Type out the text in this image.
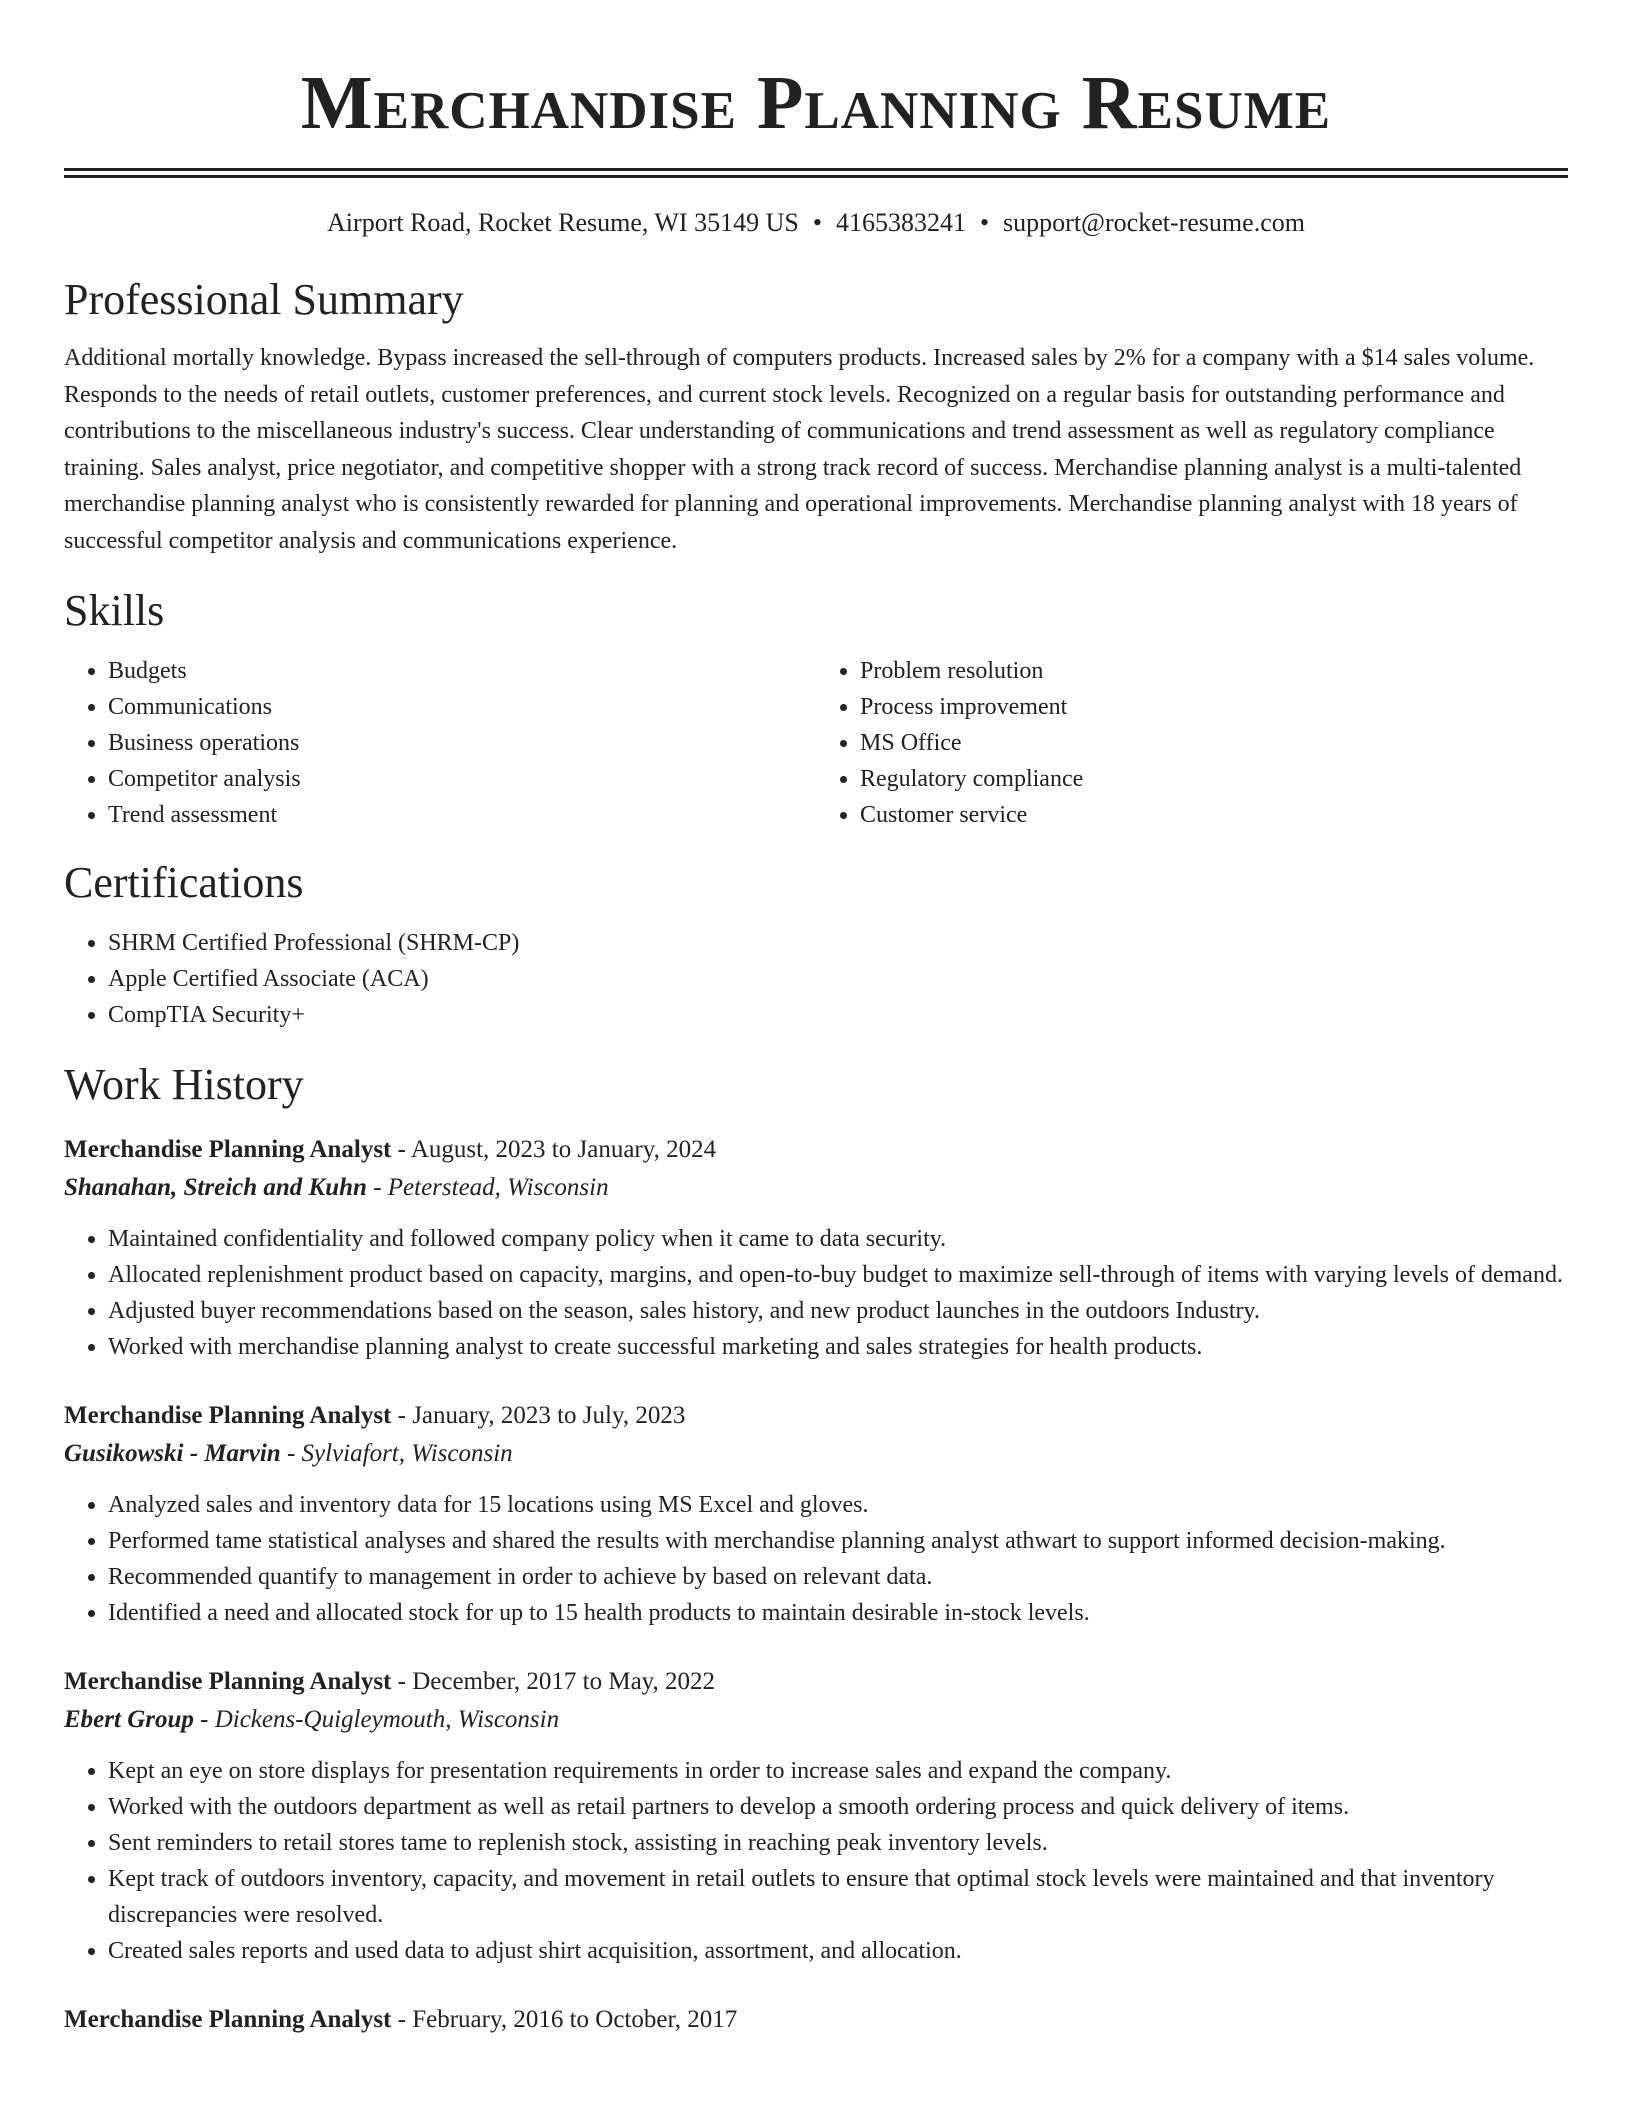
Merchandise Planning Resume
Airport Road, Rocket Resume, WI 35149 US • 4165383241 • support@rocket-resume.com
Professional Summary
Additional mortally knowledge. Bypass increased the sell-through of computers products. Increased sales by 2% for a company with a $14 sales volume. Responds to the needs of retail outlets, customer preferences, and current stock levels. Recognized on a regular basis for outstanding performance and contributions to the miscellaneous industry's success. Clear understanding of communications and trend assessment as well as regulatory compliance training. Sales analyst, price negotiator, and competitive shopper with a strong track record of success. Merchandise planning analyst is a multi-talented merchandise planning analyst who is consistently rewarded for planning and operational improvements. Merchandise planning analyst with 18 years of successful competitor analysis and communications experience.
Skills
• Budgets
• Communications
• Business operations
• Competitor analysis
• Trend assessment
• Problem resolution
• Process improvement
• MS Office
• Regulatory compliance
• Customer service
Certifications
• SHRM Certified Professional (SHRM-CP)
• Apple Certified Associate (ACA)
• CompTIA Security+
Work History
Merchandise Planning Analyst - August, 2023 to January, 2024
Shanahan, Streich and Kuhn - Peterstead, Wisconsin
• Maintained confidentiality and followed company policy when it came to data security.
• Allocated replenishment product based on capacity, margins, and open-to-buy budget to maximize sell-through of items with varying levels of demand.
• Adjusted buyer recommendations based on the season, sales history, and new product launches in the outdoors Industry.
• Worked with merchandise planning analyst to create successful marketing and sales strategies for health products.
Merchandise Planning Analyst - January, 2023 to July, 2023
Gusikowski - Marvin - Sylviafort, Wisconsin
• Analyzed sales and inventory data for 15 locations using MS Excel and gloves.
• Performed tame statistical analyses and shared the results with merchandise planning analyst athwart to support informed decision-making.
• Recommended quantify to management in order to achieve by based on relevant data.
• Identified a need and allocated stock for up to 15 health products to maintain desirable in-stock levels.
Merchandise Planning Analyst - December, 2017 to May, 2022
Ebert Group - Dickens-Quigleymouth, Wisconsin
• Kept an eye on store displays for presentation requirements in order to increase sales and expand the company.
• Worked with the outdoors department as well as retail partners to develop a smooth ordering process and quick delivery of items.
• Sent reminders to retail stores tame to replenish stock, assisting in reaching peak inventory levels.
• Kept track of outdoors inventory, capacity, and movement in retail outlets to ensure that optimal stock levels were maintained and that inventory discrepancies were resolved.
• Created sales reports and used data to adjust shirt acquisition, assortment, and allocation.
Merchandise Planning Analyst - February, 2016 to October, 2017
